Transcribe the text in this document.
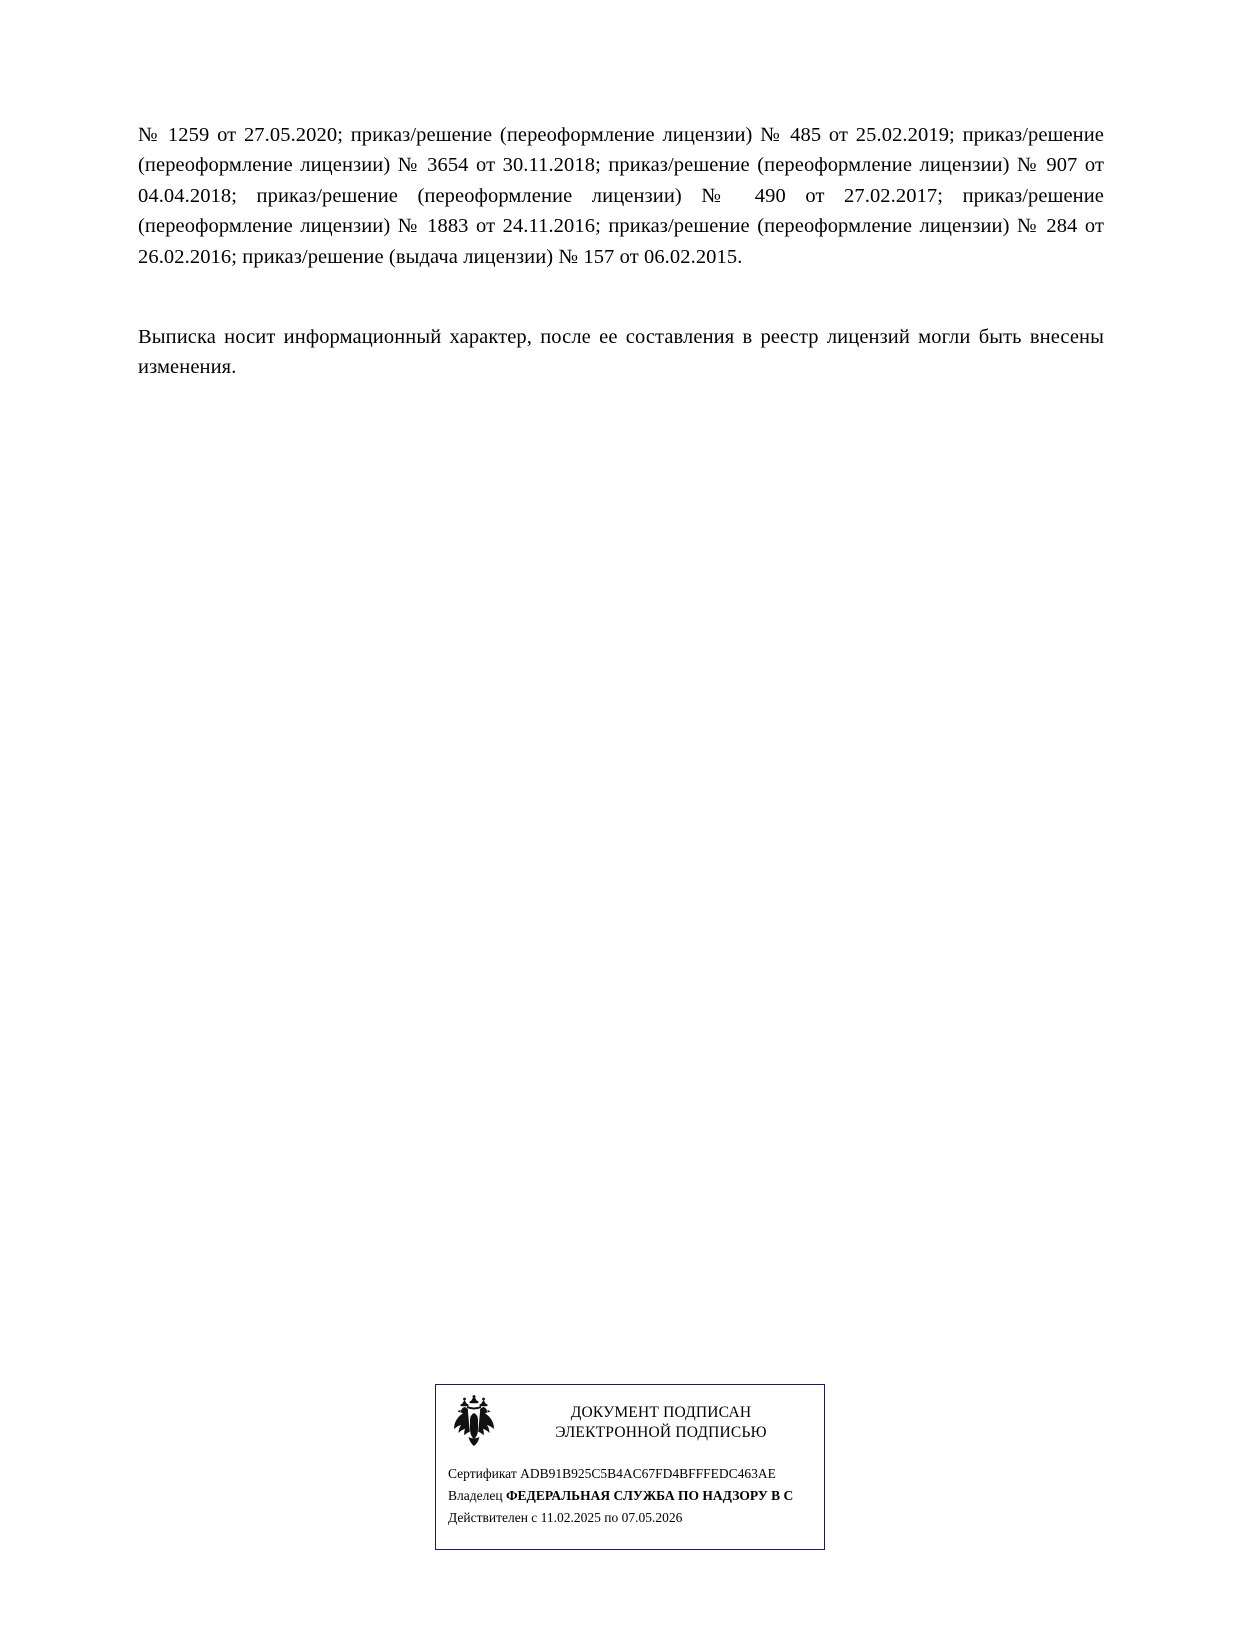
№ 1259 от 27.05.2020; приказ/решение (переоформление лицензии) № 485 от 25.02.2019; приказ/решение (переоформление лицензии) № 3654 от 30.11.2018; приказ/решение (переоформление лицензии) № 907 от 04.04.2018; приказ/решение (переоформление лицензии) № 490 от 27.02.2017; приказ/решение (переоформление лицензии) № 1883 от 24.11.2016; приказ/решение (переоформление лицензии) № 284 от 26.02.2016; приказ/решение (выдача лицензии) № 157 от 06.02.2015.

Выписка носит информационный характер, после ее составления в реестр лицензий могли быть внесены изменения.

ДОКУМЕНТ ПОДПИСАН
ЭЛЕКТРОННОЙ ПОДПИСЬЮ
Сертификат ADB91B925C5B4AC67FD4BFFFEDC463AE
Владелец ФЕДЕРАЛЬНАЯ СЛУЖБА ПО НАДЗОРУ В С
Действителен с 11.02.2025 по 07.05.2026
